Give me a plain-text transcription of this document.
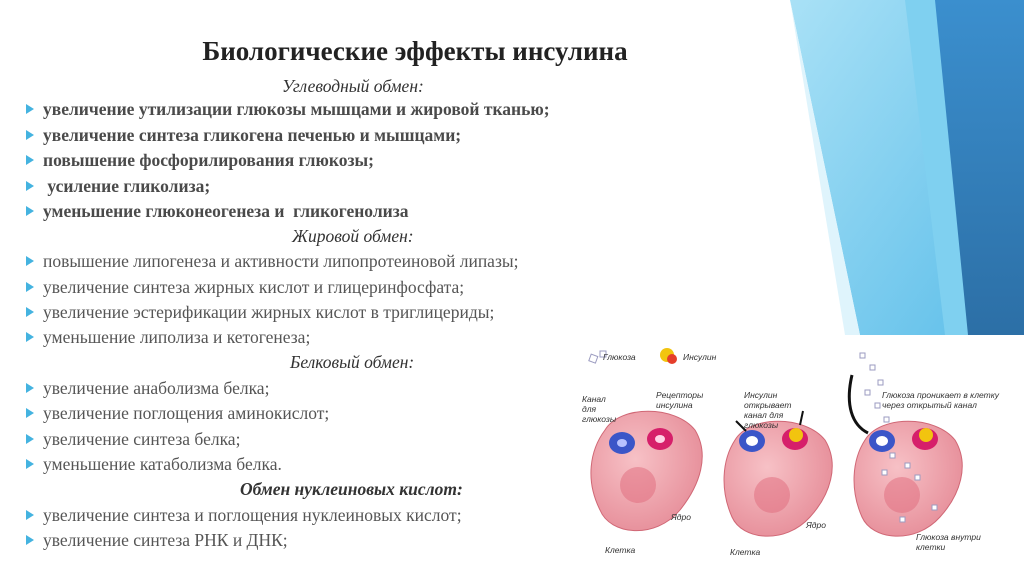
Биологические эффекты инсулина
Углеводный обмен:
увеличение утилизации глюкозы мышцами и жировой тканью;
увеличение синтеза гликогена печенью и мышцами;
повышение фосфорилирования глюкозы;
усиление гликолиза;
уменьшение глюконеогенеза и  гликогенолиза
Жировой обмен:
повышение липогенеза и активности липопротеиновой липазы;
увеличение синтеза жирных кислот и глицеринфосфата;
увеличение эстерификации жирных кислот в триглицериды;
уменьшение липолиза и кетогенеза;
Белковый обмен:
увеличение анаболизма белка;
увеличение поглощения аминокислот;
увеличение синтеза белка;
уменьшение катаболизма белка.
Обмен нуклеиновых кислот:
увеличение синтеза и поглощения нуклеиновых кислот;
увеличение синтеза РНК и ДНК;
Глюкоза	Инсулин
Канал для глюкозы
Рецепторы инсулина
Инсулин открывает канал для глюкозы
Глюкоза проникает в клетку через открытый канал
Ядро
Ядро
Клетка	Клетка
Глюкоза внутри клетки
